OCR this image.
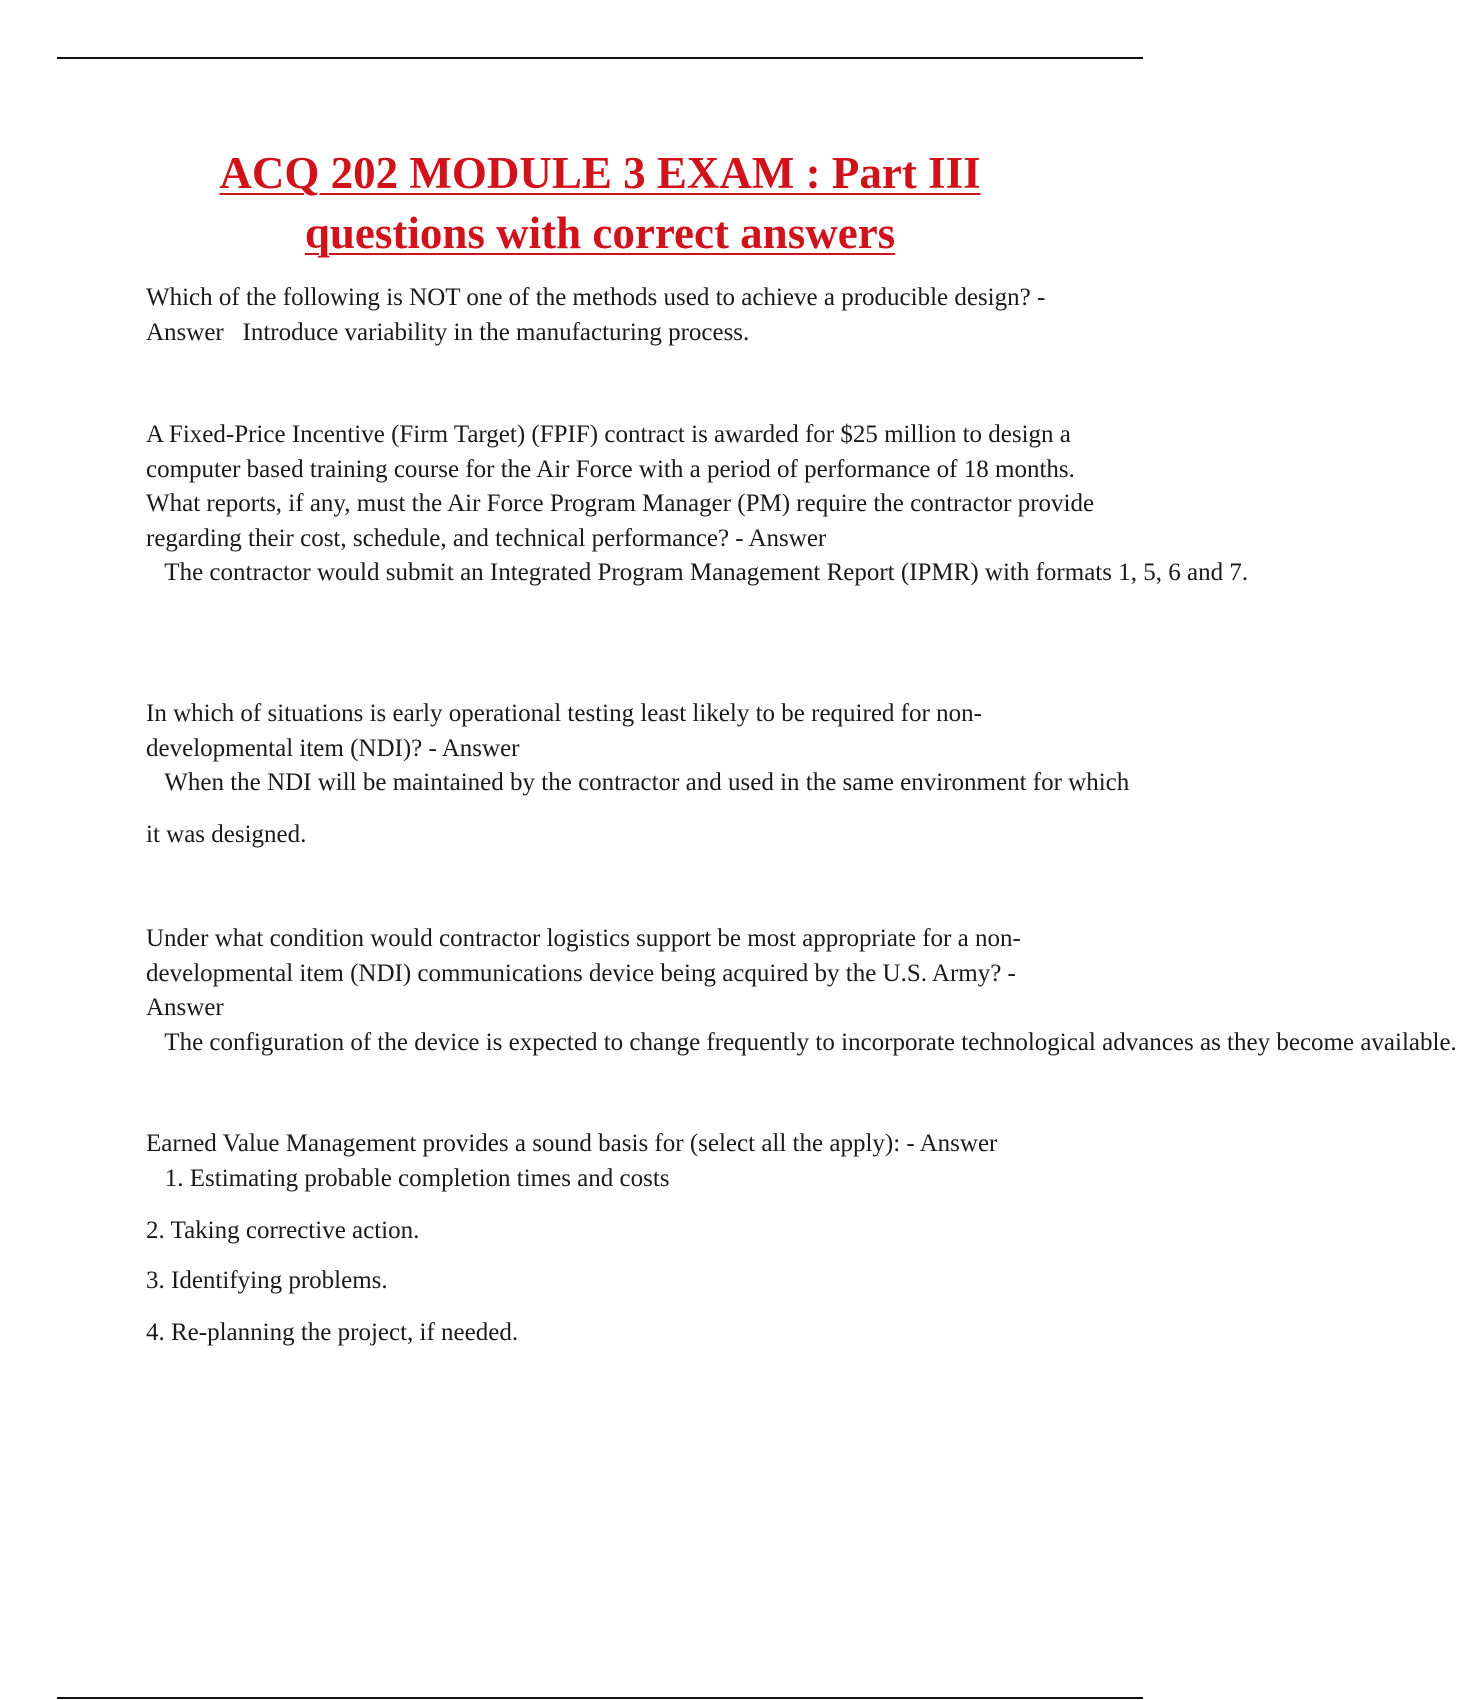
ACQ 202 MODULE 3 EXAM : Part III
questions with correct answers

Which of the following is NOT one of the methods used to achieve a producible design? - Answer   Introduce variability in the manufacturing process.

A Fixed-Price Incentive (Firm Target) (FPIF) contract is awarded for $25 million to design a computer based training course for the Air Force with a period of performance of 18 months. What reports, if any, must the Air Force Program Manager (PM) require the contractor provide regarding their cost, schedule, and technical performance? - Answer   The contractor would submit an Integrated Program Management Report (IPMR) with formats 1, 5, 6 and 7.

In which of situations is early operational testing least likely to be required for non-developmental item (NDI)? - Answer   When the NDI will be maintained by the contractor and used in the same environment for which

it was designed.

Under what condition would contractor logistics support be most appropriate for a non-developmental item (NDI) communications device being acquired by the U.S. Army? - Answer   The configuration of the device is expected to change frequently to incorporate technological advances as they become available.

Earned Value Management provides a sound basis for (select all the apply): - Answer   1. Estimating probable completion times and costs

2. Taking corrective action.

3. Identifying problems.

4. Re-planning the project, if needed.
